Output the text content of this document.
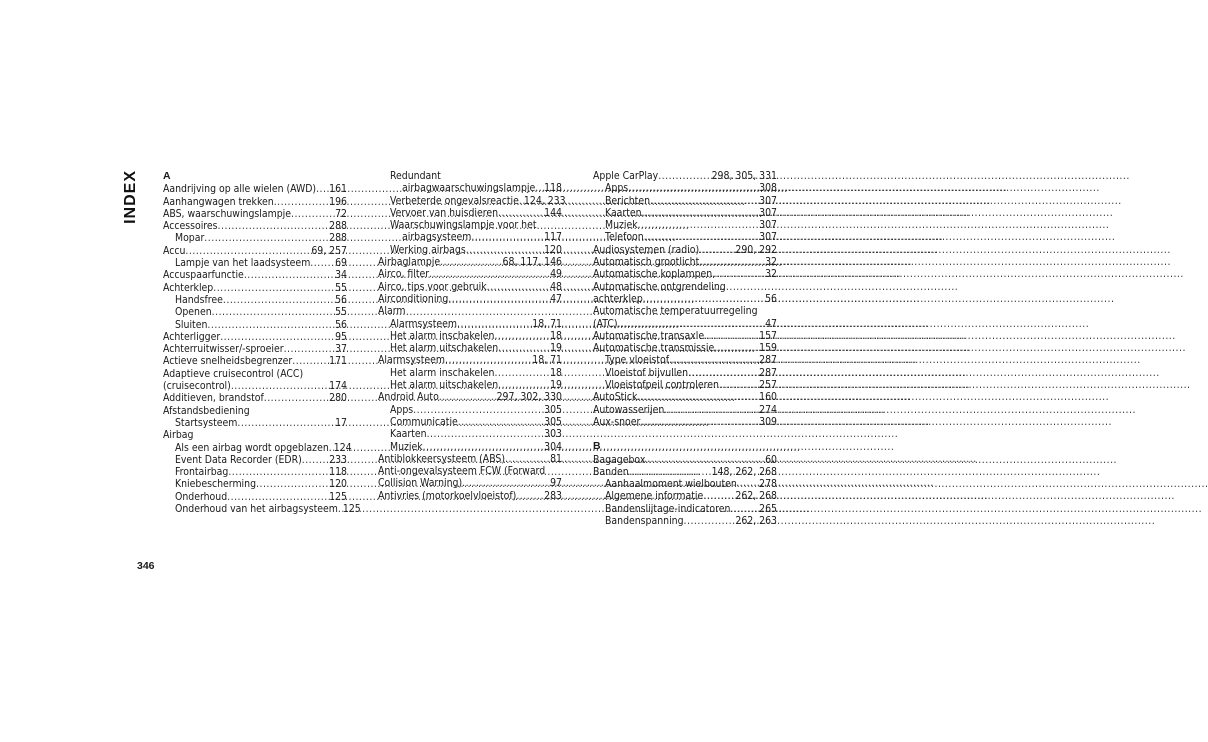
INDEX	A
Aandrijving op alle wielen (AWD) ..... 161
Aanhangwagen trekken .....	196
ABS, waarschuwingslampje .....	72
Accessoires .....	288
Mopar .....	288
Accu .....	69, 257
Lampje van het laadsysteem ..... 69
Accuspaarfunctie .....	34
Achterklep .....	55
Handsfree .....	56
Openen .....	55
Sluiten .....	56
Achterligger .....	95
Achterruitwisser/-sproeier .....	37
Actieve snelheidsbegrenzer .....	171
Adaptieve cruisecontrol (ACC)
(cruisecontrol) .....	174
Additieven, brandstof .....	280
Afstandsbediening
Startsysteem .....	17
Airbag
Als een airbag wordt opgeblazen ..... 124
Event Data Recorder (EDR) .....	233
Frontairbag .....	118
Kniebescherming .....	120
Onderhoud .....	125
Onderhoud van het airbagsysteem ..... 125
Redundant
airbagwaarschuwingslampje ..... 118
Verbeterde ongevalsreactie ..... 124, 233
Vervoer van huisdieren .....	144
Waarschuwingslampje voor het
airbagsysteem .....	117
Werking airbags .....	120
Airbaglampje .....	68, 117, 146
Airco, filter .....	49
Airco, tips voor gebruik .....	48
Airconditioning .....	47
Alarm
Alarmsysteem .....	18, 71
Het alarm inschakelen .....	18
Het alarm uitschakelen .....	19
Alarmsysteem .....	18, 71
Het alarm inschakelen .....	18
Het alarm uitschakelen .....	19
Android Auto .....	297, 302, 330
Apps .....	305
Communicatie .....	305
Kaarten .....	303
Muziek .....	304
Antiblokkeersysteem (ABS) .....	81
Anti-ongevalsysteem FCW (Forward
Collision Warning) .....	97
Antivries (motorkoelvloeistof) .....	283
Apple CarPlay .....	298, 305, 331
Apps .....	308
Berichten .....	307
Kaarten .....	307
Muziek .....	307
Telefoon .....	307
Audiosystemen (radio) .....	290, 292
Automatisch grootlicht .....	32
Automatische koplampen .....	32
Automatische ontgrendeling
achterklep .....	56
Automatische temperatuurregeling
(ATC) .....	47
Automatische transaxle .....	157
Automatische transmissie .....	159
Type vloeistof .....	287
Vloeistof bijvullen .....	287
Vloeistofpeil controleren .....	257
AutoStick .....	160
Autowasserijen .....	274
Aux-snoer .....	309
B
Bagagebox .....	60
Banden .....	148, 262, 268
Aanhaalmoment wielbouten ..... 278
Algemene informatie .....	262, 268
Bandenslijtage-indicatoren .....	265
Bandenspanning .....	262, 263
346
